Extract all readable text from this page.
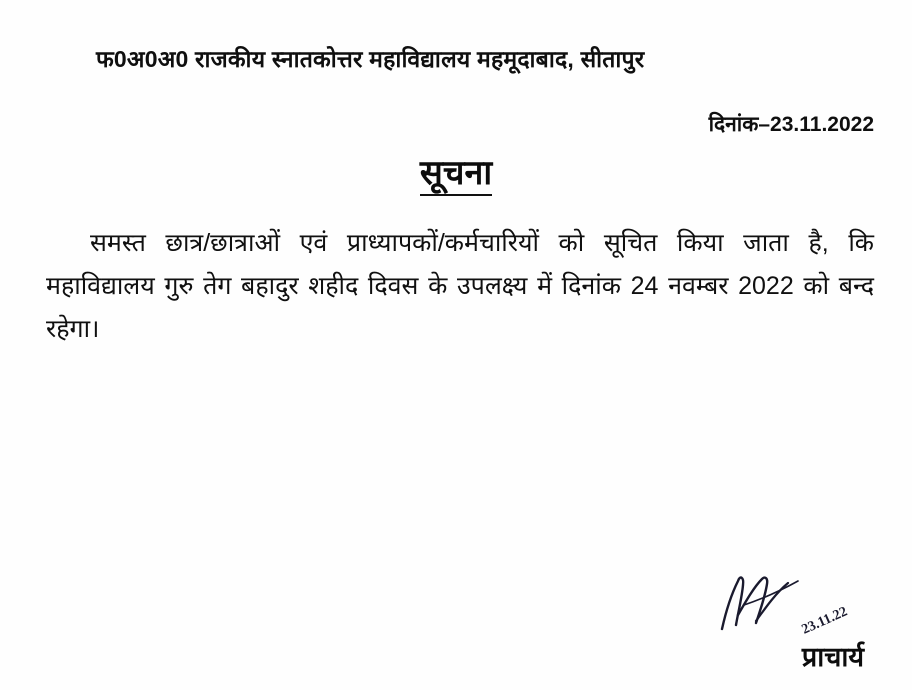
फ0अ0अ0 राजकीय स्नातकोत्तर महाविद्यालय महमूदाबाद, सीतापुर
दिनांक–23.11.2022
सूचना

समस्त छात्र/छात्राओं एवं प्राध्यापकों/कर्मचारियों को सूचित किया जाता है, कि महाविद्यालय गुरु तेग बहादुर शहीद दिवस के उपलक्ष्य में दिनांक 24 नवम्बर 2022 को बन्द रहेगा।

23.11.22
प्राचार्य
